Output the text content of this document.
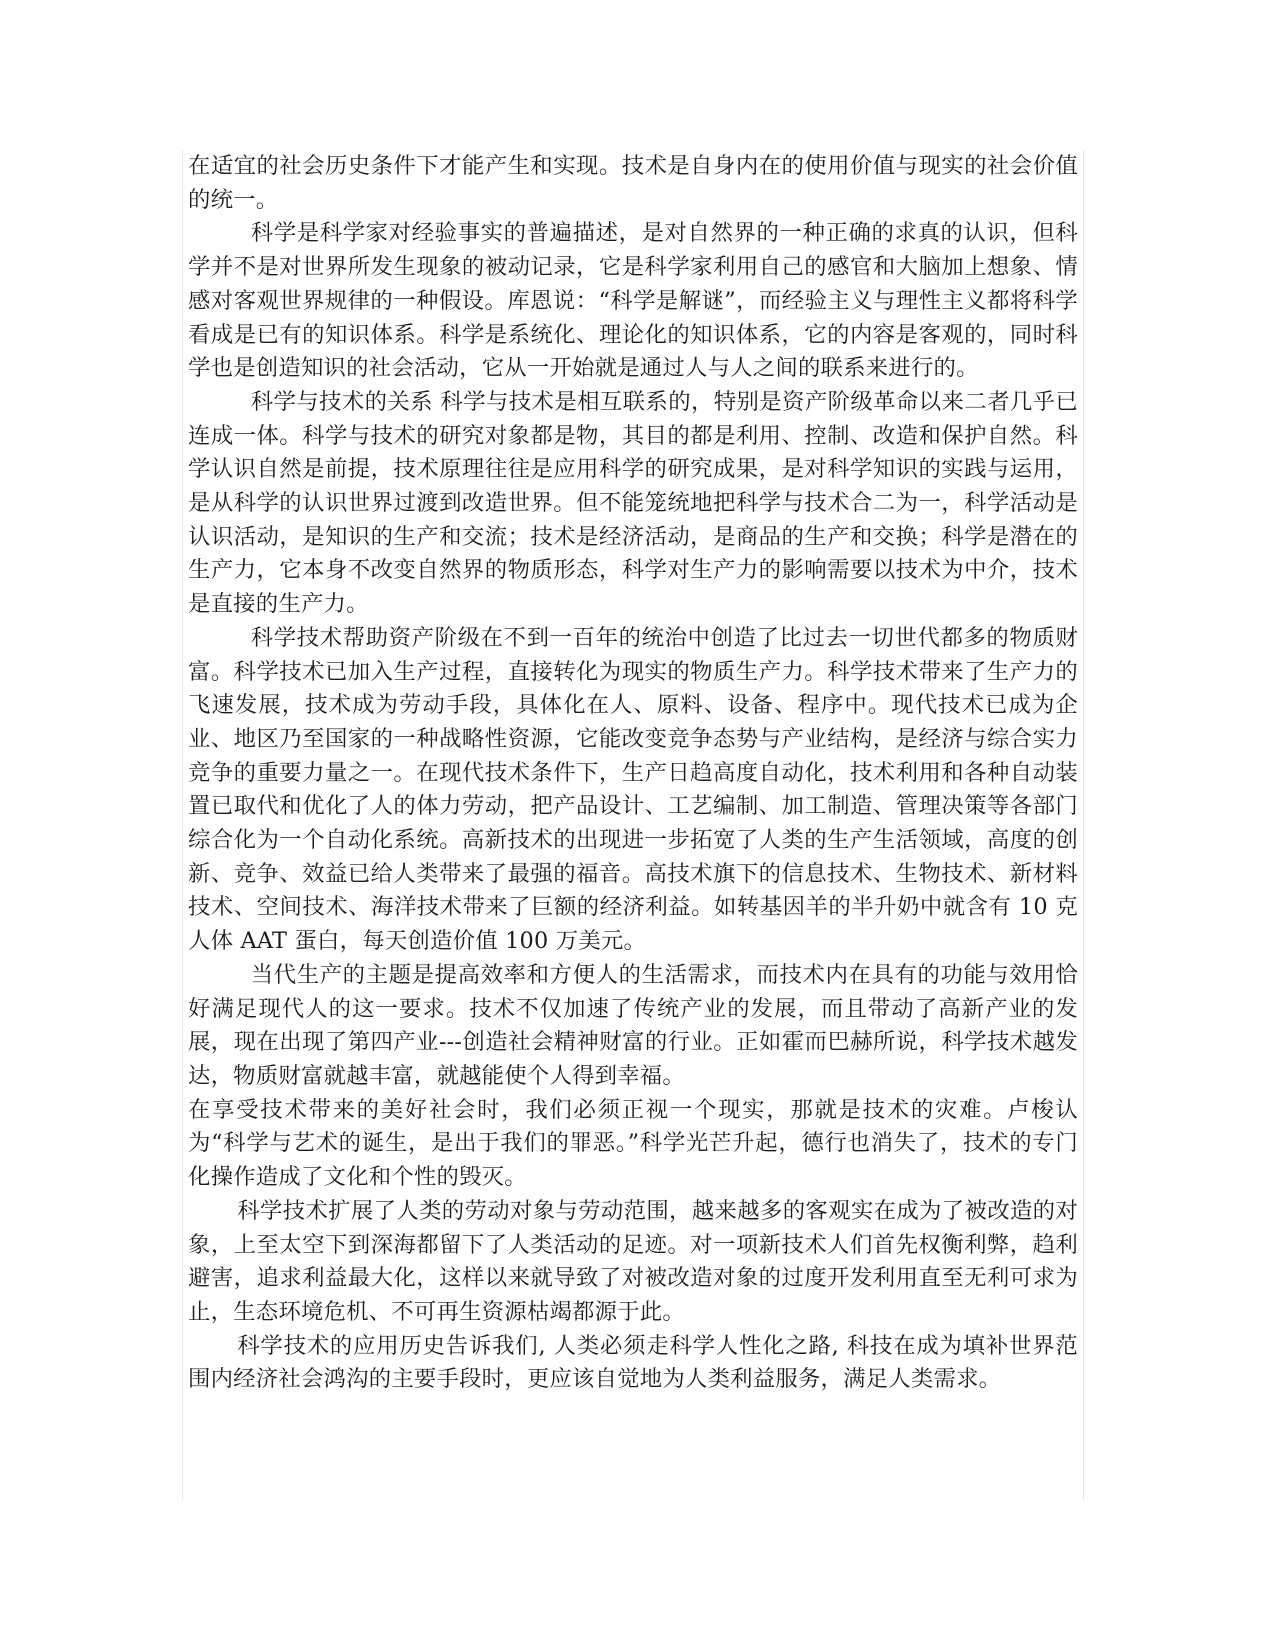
在适宜的社会历史条件下才能产生和实现。技术是自身内在的使用价值与现实的社会价值的统一。

科学是科学家对经验事实的普遍描述，是对自然界的一种正确的求真的认识，但科学并不是对世界所发生现象的被动记录，它是科学家利用自己的感官和大脑加上想象、情感对客观世界规律的一种假设。库恩说：“科学是解谜”，而经验主义与理性主义都将科学看成是已有的知识体系。科学是系统化、理论化的知识体系，它的内容是客观的，同时科学也是创造知识的社会活动，它从一开始就是通过人与人之间的联系来进行的。

科学与技术的关系 科学与技术是相互联系的，特别是资产阶级革命以来二者几乎已连成一体。科学与技术的研究对象都是物，其目的都是利用、控制、改造和保护自然。科学认识自然是前提，技术原理往往是应用科学的研究成果，是对科学知识的实践与运用，是从科学的认识世界过渡到改造世界。但不能笼统地把科学与技术合二为一，科学活动是认识活动，是知识的生产和交流；技术是经济活动，是商品的生产和交换；科学是潜在的生产力，它本身不改变自然界的物质形态，科学对生产力的影响需要以技术为中介，技术是直接的生产力。

科学技术帮助资产阶级在不到一百年的统治中创造了比过去一切世代都多的物质财富。科学技术已加入生产过程，直接转化为现实的物质生产力。科学技术带来了生产力的飞速发展，技术成为劳动手段，具体化在人、原料、设备、程序中。现代技术已成为企业、地区乃至国家的一种战略性资源，它能改变竞争态势与产业结构，是经济与综合实力竞争的重要力量之一。在现代技术条件下，生产日趋高度自动化，技术利用和各种自动装置已取代和优化了人的体力劳动，把产品设计、工艺编制、加工制造、管理决策等各部门综合化为一个自动化系统。高新技术的出现进一步拓宽了人类的生产生活领域，高度的创新、竞争、效益已给人类带来了最强的福音。高技术旗下的信息技术、生物技术、新材料技术、空间技术、海洋技术带来了巨额的经济利益。如转基因羊的半升奶中就含有 10 克人体 AAT 蛋白，每天创造价值 100 万美元。

当代生产的主题是提高效率和方便人的生活需求，而技术内在具有的功能与效用恰好满足现代人的这一要求。技术不仅加速了传统产业的发展，而且带动了高新产业的发展，现在出现了第四产业---创造社会精神财富的行业。正如霍而巴赫所说，科学技术越发达，物质财富就越丰富，就越能使个人得到幸福。

在享受技术带来的美好社会时，我们必须正视一个现实，那就是技术的灾难。卢梭认为“科学与艺术的诞生，是出于我们的罪恶。”科学光芒升起，德行也消失了，技术的专门化操作造成了文化和个性的毁灭。

科学技术扩展了人类的劳动对象与劳动范围，越来越多的客观实在成为了被改造的对象，上至太空下到深海都留下了人类活动的足迹。对一项新技术人们首先权衡利弊，趋利避害，追求利益最大化，这样以来就导致了对被改造对象的过度开发利用直至无利可求为止，生态环境危机、不可再生资源枯竭都源于此。

科学技术的应用历史告诉我们, 人类必须走科学人性化之路, 科技在成为填补世界范围内经济社会鸿沟的主要手段时，更应该自觉地为人类利益服务，满足人类需求。
